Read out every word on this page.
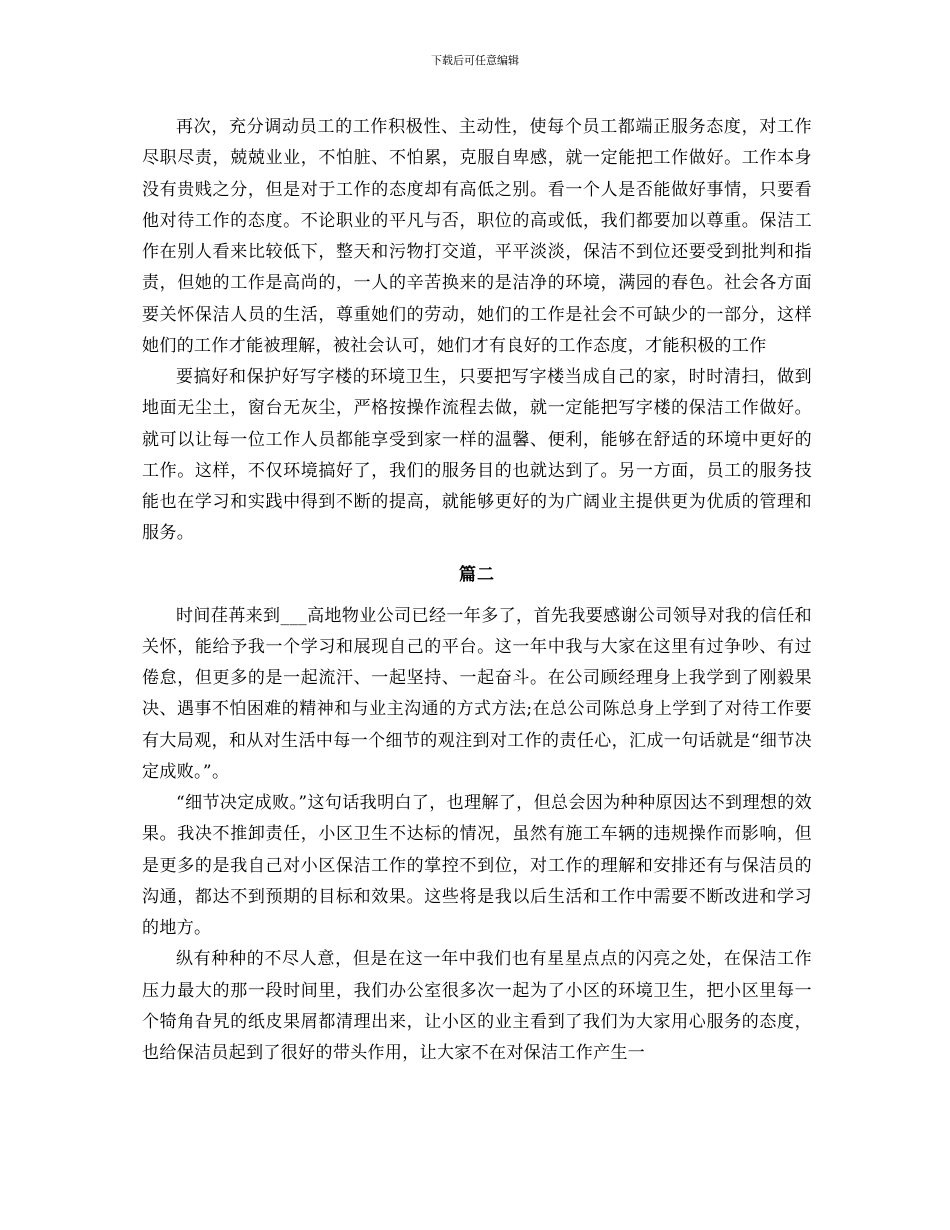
下载后可任意编辑

再次，充分调动员工的工作积极性、主动性，使每个员工都端正服务态度，对工作尽职尽责，兢兢业业，不怕脏、不怕累，克服自卑感，就一定能把工作做好。工作本身没有贵贱之分，但是对于工作的态度却有高低之别。看一个人是否能做好事情，只要看他对待工作的态度。不论职业的平凡与否，职位的高或低，我们都要加以尊重。保洁工作在别人看来比较低下，整天和污物打交道，平平淡淡，保洁不到位还要受到批判和指责，但她的工作是高尚的，一人的辛苦换来的是洁净的环境，满园的春色。社会各方面要关怀保洁人员的生活，尊重她们的劳动，她们的工作是社会不可缺少的一部分，这样她们的工作才能被理解，被社会认可，她们才有良好的工作态度，才能积极的工作

要搞好和保护好写字楼的环境卫生，只要把写字楼当成自己的家，时时清扫，做到地面无尘土，窗台无灰尘，严格按操作流程去做，就一定能把写字楼的保洁工作做好。就可以让每一位工作人员都能享受到家一样的温馨、便利，能够在舒适的环境中更好的工作。这样，不仅环境搞好了，我们的服务目的也就达到了。另一方面，员工的服务技能也在学习和实践中得到不断的提高，就能够更好的为广阔业主提供更为优质的管理和服务。

篇二

时间荏苒来到___高地物业公司已经一年多了，首先我要感谢公司领导对我的信任和关怀，能给予我一个学习和展现自己的平台。这一年中我与大家在这里有过争吵、有过倦怠，但更多的是一起流汗、一起坚持、一起奋斗。在公司顾经理身上我学到了刚毅果决、遇事不怕困难的精神和与业主沟通的方式方法;在总公司陈总身上学到了对待工作要有大局观，和从对生活中每一个细节的观注到对工作的责任心，汇成一句话就是“细节决定成败。”。

“细节决定成败。”这句话我明白了，也理解了，但总会因为种种原因达不到理想的效果。我决不推卸责任，小区卫生不达标的情况，虽然有施工车辆的违规操作而影响，但是更多的是我自己对小区保洁工作的掌控不到位，对工作的理解和安排还有与保洁员的沟通，都达不到预期的目标和效果。这些将是我以后生活和工作中需要不断改进和学习的地方。

纵有种种的不尽人意，但是在这一年中我们也有星星点点的闪亮之处，在保洁工作压力最大的那一段时间里，我们办公室很多次一起为了小区的环境卫生，把小区里每一个犄角旮旯的纸皮果屑都清理出来，让小区的业主看到了我们为大家用心服务的态度，也给保洁员起到了很好的带头作用，让大家不在对保洁工作产生一
